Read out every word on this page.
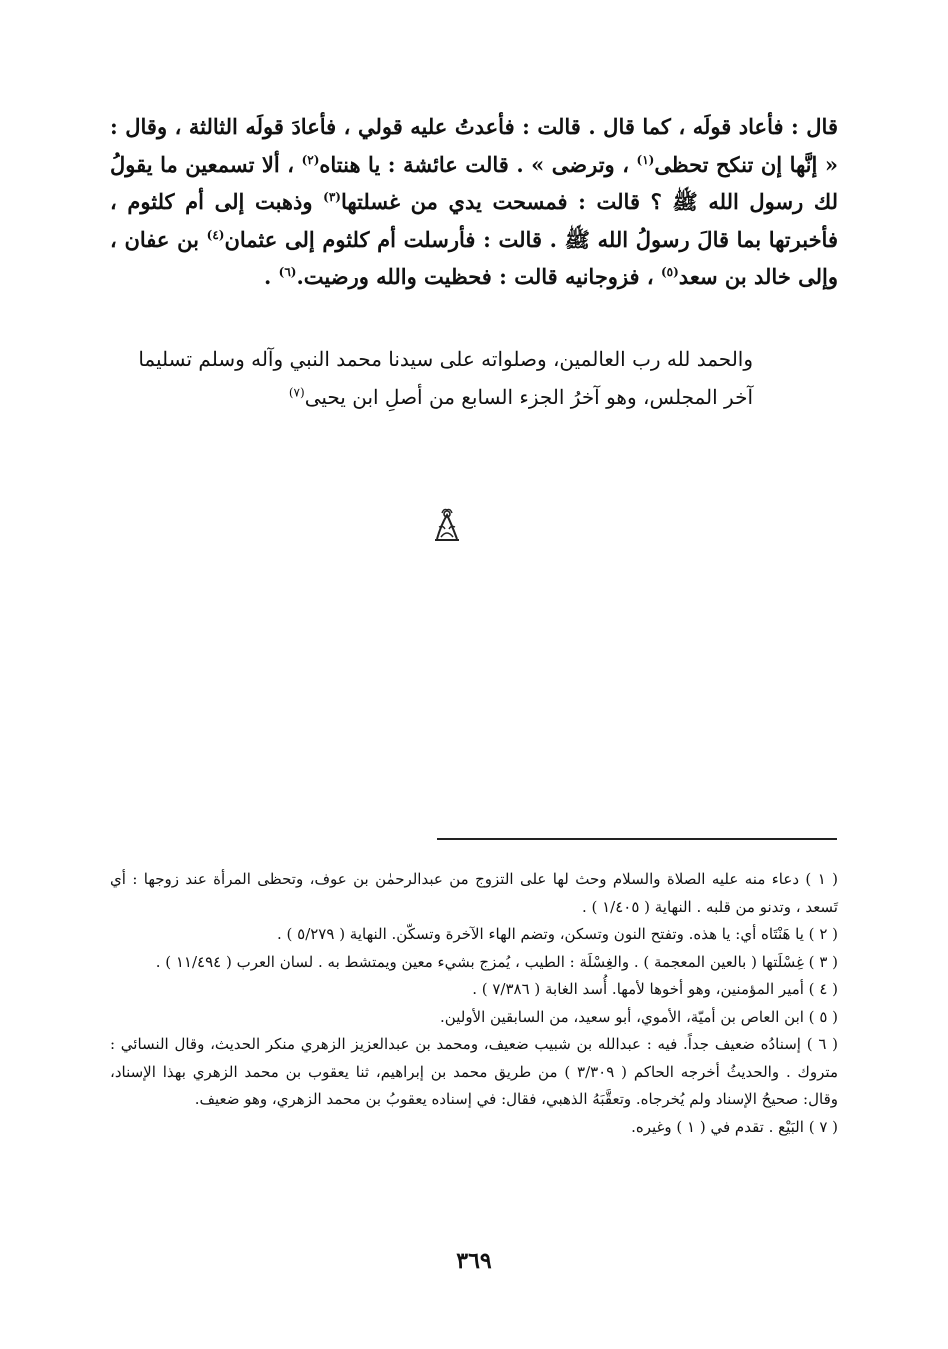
قال : فأعاد قولَه ، كما قال . قالت : فأعدتُ عليه قولي ، فأعادَ قولَه الثالثة ، وقال : « إنَّها إن تنكح تحظى$^{(١)}$ ، وترضى » . قالت عائشة : يا هنتاه$^{(٢)}$ ، ألا تسمعين ما يقولُ لك رسول الله ﷺ ؟ قالت : فمسحت يدي من غسلتها$^{(٣)}$ وذهبت إلى أم كلثوم ، فأخبرتها بما قالَ رسولُ الله ﷺ . قالت : فأرسلت أم كلثوم إلى عثمان$^{(٤)}$ بن عفان ، وإلى خالد بن سعد$^{(٥)}$ ، فزوجانيه قالت : فحظيت والله ورضيت.$^{(٦)}$ .

والحمد لله رب العالمين، وصلواته على سيدنا محمد النبي وآله وسلم تسليما

آخر المجلس، وهو آخرُ الجزء السابع من أصلِ ابن يحيى$^{(٧)}$

( ١ ) دعاء منه عليه الصلاة والسلام وحث لها على التزوج من عبدالرحمٰن بن عوف، وتحظى المرأة عند زوجها : أي تَسعد ، وتدنو من قلبه . النهاية ( ١/٤٠٥ ) .

( ٢ ) يا هَنْتَاه أي: يا هذه. وتفتح النون وتسكن، وتضم الهاء الآخرة وتسكّن. النهاية ( ٥/٢٧٩ ) .

( ٣ ) غِسْلَتها ( بالعين المعجمة ) . والغِسْلَة : الطيب ، يُمزج بشيء معين ويمتشط به . لسان العرب ( ١١/٤٩٤ ) .

( ٤ ) أمير المؤمنين، وهو أخوها لأمها. أُسد الغابة ( ٧/٣٨٦ ) .

( ٥ ) ابن العاص بن أميّة، الأموي، أبو سعيد، من السابقين الأولين.

( ٦ ) إسنادُه ضعيف جداً. فيه : عبدالله بن شبيب ضعيف، ومحمد بن عبدالعزيز الزهري منكر الحديث، وقال النسائي : متروك . والحديثُ أخرجه الحاكم ( ٣/٣٠٩ ) من طريق محمد بن إبراهيم، ثنا يعقوب بن محمد الزهري بهذا الإسناد، وقال: صحيحُ الإسناد ولم يُخرجاه. وتعقَّبَهُ الذهبي، فقال: في إسناده يعقوبُ بن محمد الزهري، وهو ضعيف.

( ٧ ) البَيْع . تقدم في ( ١ ) وغيره.

٣٦٩
